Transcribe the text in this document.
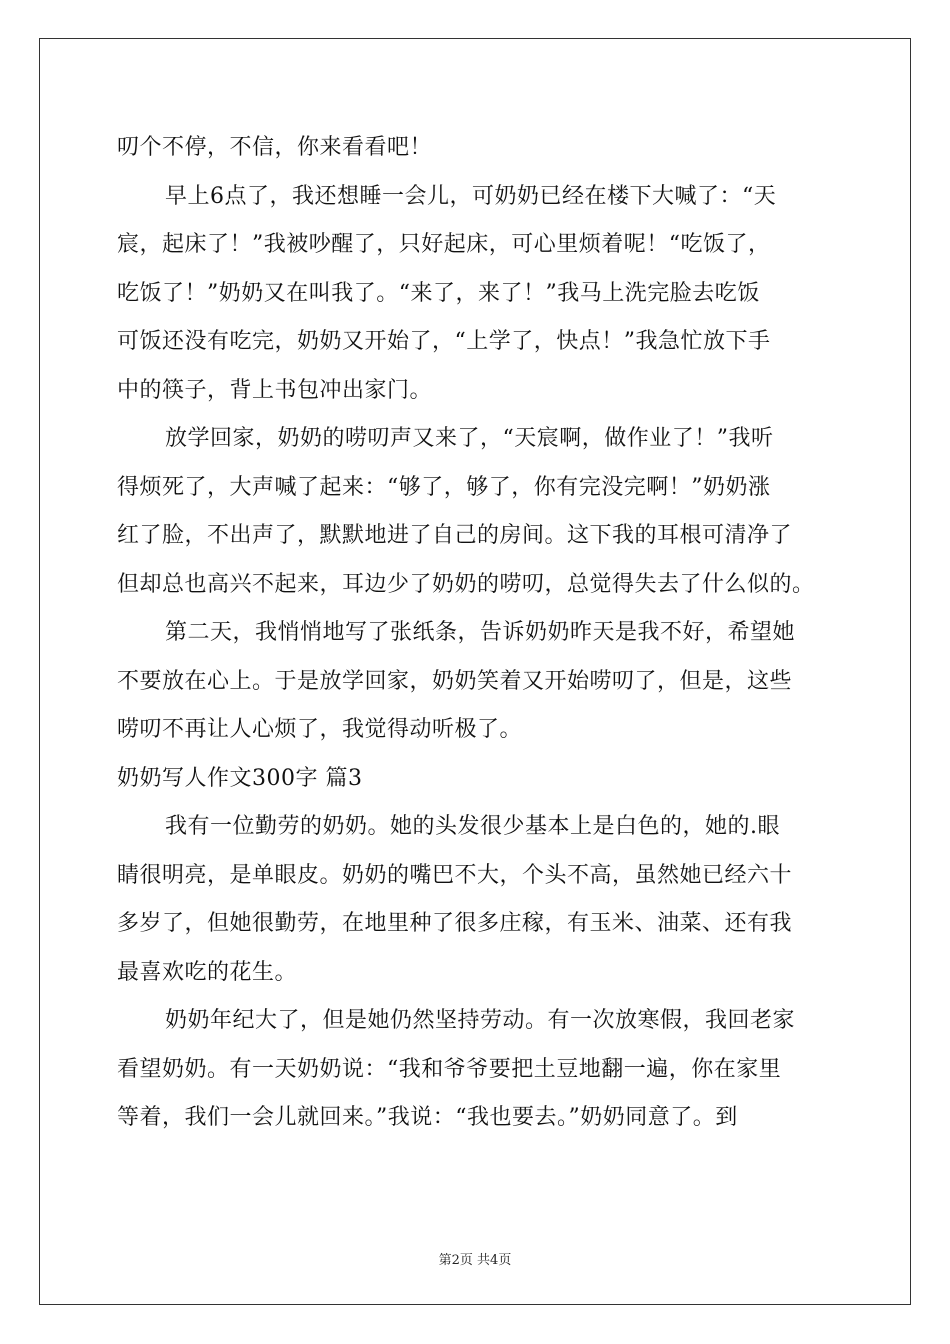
叨个不停，不信，你来看看吧！
早上6点了，我还想睡一会儿，可奶奶已经在楼下大喊了：“天
宸，起床了！”我被吵醒了，只好起床，可心里烦着呢！“吃饭了，
吃饭了！”奶奶又在叫我了。“来了，来了！”我马上洗完脸去吃饭
可饭还没有吃完，奶奶又开始了，“上学了，快点！”我急忙放下手
中的筷子，背上书包冲出家门。
放学回家，奶奶的唠叨声又来了，“天宸啊，做作业了！”我听
得烦死了，大声喊了起来：“够了，够了，你有完没完啊！”奶奶涨
红了脸，不出声了，默默地进了自己的房间。这下我的耳根可清净了
但却总也高兴不起来，耳边少了奶奶的唠叨，总觉得失去了什么似的。
第二天，我悄悄地写了张纸条，告诉奶奶昨天是我不好，希望她
不要放在心上。于是放学回家，奶奶笑着又开始唠叨了，但是，这些
唠叨不再让人心烦了，我觉得动听极了。
奶奶写人作文300字 篇3
我有一位勤劳的奶奶。她的头发很少基本上是白色的，她的.眼
睛很明亮，是单眼皮。奶奶的嘴巴不大，个头不高，虽然她已经六十
多岁了，但她很勤劳，在地里种了很多庄稼，有玉米、油菜、还有我
最喜欢吃的花生。
奶奶年纪大了，但是她仍然坚持劳动。有一次放寒假，我回老家
看望奶奶。有一天奶奶说：“我和爷爷要把土豆地翻一遍，你在家里
等着，我们一会儿就回来。”我说：“我也要去。”奶奶同意了。到
第2页 共4页
